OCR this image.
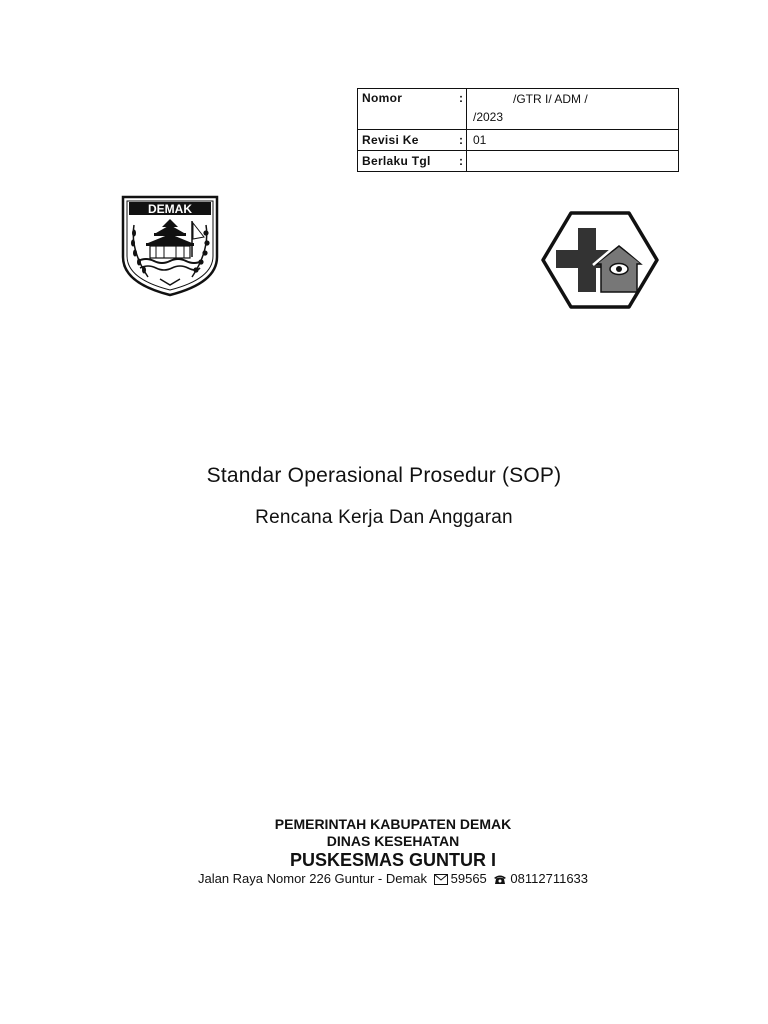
Nomor	:	/GTR I/ ADM /
/2023

Revisi Ke	:	01
Berlaku Tgl	:	
DEMAK
Standar Operasional Prosedur (SOP)
Rencana Kerja Dan Anggaran
PEMERINTAH KABUPATEN DEMAK
DINAS KESEHATAN
PUSKESMAS GUNTUR I
Jalan Raya Nomor 226 Guntur - Demak 59565 08112711633
